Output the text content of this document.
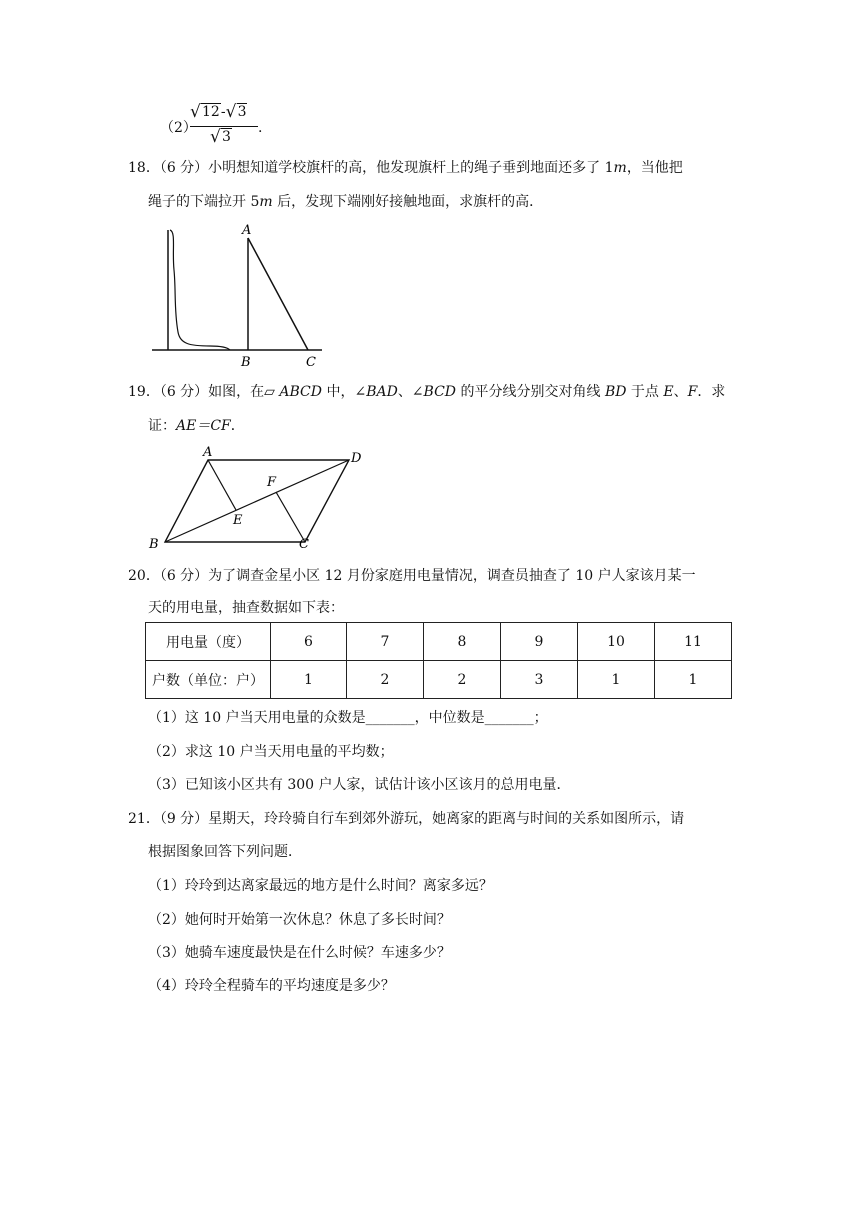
（2）
√ 12- √ 3
√ 3
.
18．（6 分）小明想知道学校旗杆的高，他发现旗杆上的绳子垂到地面还多了 1m，当他把
绳子的下端拉开 5m 后，发现下端刚好接触地面，求旗杆的高．
A
B	C
19．（6 分）如图，在▱ ABCD 中，∠BAD、∠BCD 的平分线分别交对角线 BD 于点 E、F．求
证：AE＝CF．
A	D
B	C
E
F
20．（6 分）为了调查金星小区 12 月份家庭用电量情况，调查员抽查了 10 户人家该月某一
天的用电量，抽查数据如下表：
用电量（度）	6	7	8	9	10	11
户数（单位：户）	1	2	2	3	1	1
（1）这 10 户当天用电量的众数是_______，中位数是_______；
（2）求这 10 户当天用电量的平均数；
（3）已知该小区共有 300 户人家，试估计该小区该月的总用电量．
21．（9 分）星期天，玲玲骑自行车到郊外游玩，她离家的距离与时间的关系如图所示，请
根据图象回答下列问题．
（1）玲玲到达离家最远的地方是什么时间？离家多远？
（2）她何时开始第一次休息？休息了多长时间？
（3）她骑车速度最快是在什么时候？车速多少？
（4）玲玲全程骑车的平均速度是多少？
